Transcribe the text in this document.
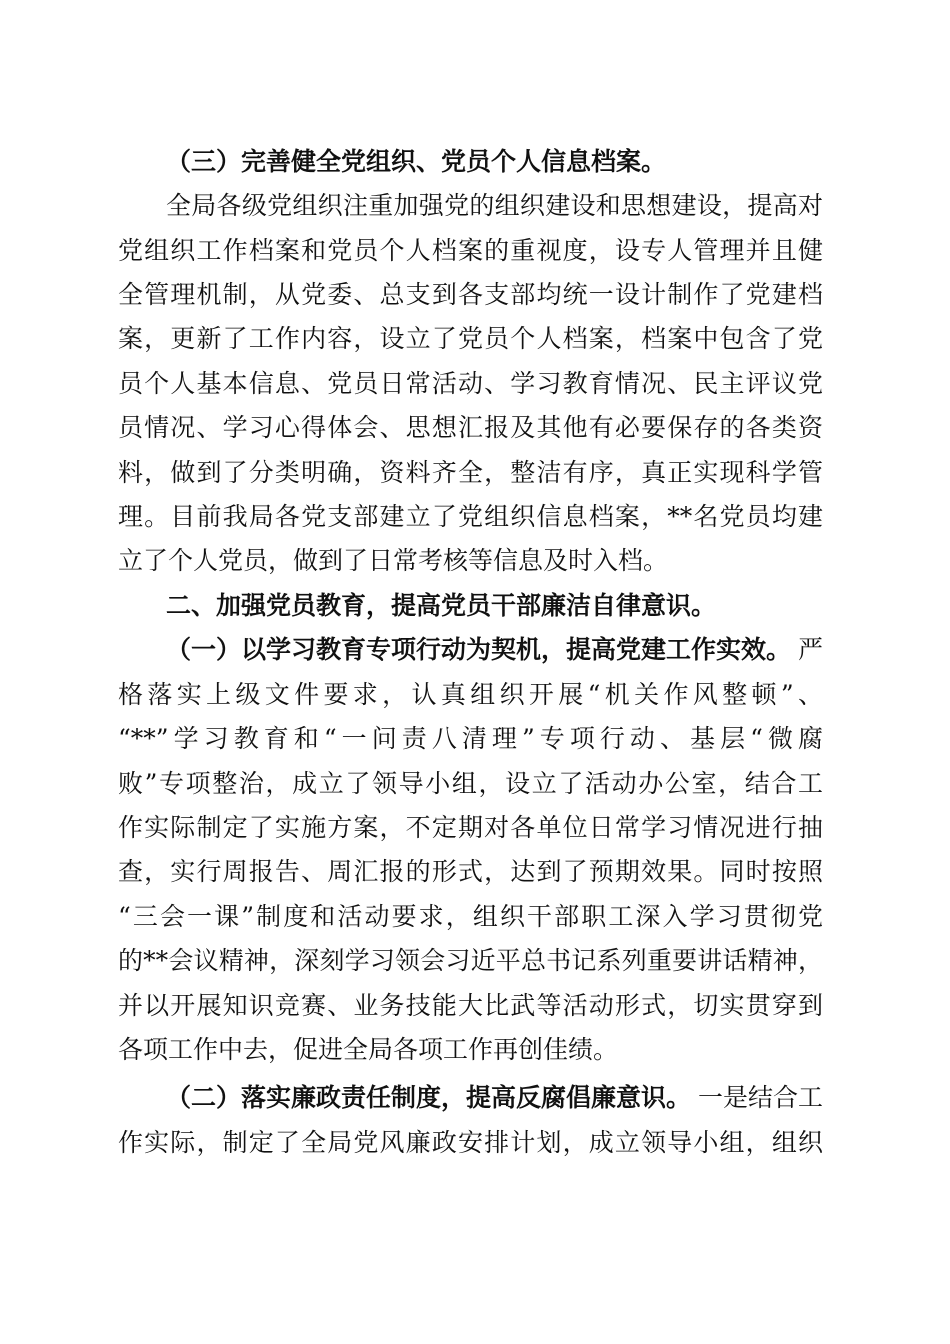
（三）完善健全党组织、党员个人信息档案。
全局各级党组织注重加强党的组织建设和思想建设，提高对
党组织工作档案和党员个人档案的重视度，设专人管理并且健
全管理机制，从党委、总支到各支部均统一设计制作了党建档
案，更新了工作内容，设立了党员个人档案，档案中包含了党
员个人基本信息、党员日常活动、学习教育情况、民主评议党
员情况、学习心得体会、思想汇报及其他有必要保存的各类资
料，做到了分类明确，资料齐全，整洁有序，真正实现科学管
理。目前我局各党支部建立了党组织信息档案，**名党员均建
立了个人党员，做到了日常考核等信息及时入档。
二、加强党员教育，提高党员干部廉洁自律意识。
（一）以学习教育专项行动为契机，提高党建工作实效。 严
格落实上级文件要求，认真组织开展“机关作风整顿”、
“**”学习教育和“一问责八清理”专项行动、基层“微腐
败”专项整治，成立了领导小组，设立了活动办公室，结合工
作实际制定了实施方案，不定期对各单位日常学习情况进行抽
查，实行周报告、周汇报的形式，达到了预期效果。同时按照
“三会一课”制度和活动要求，组织干部职工深入学习贯彻党
的**会议精神，深刻学习领会习近平总书记系列重要讲话精神，
并以开展知识竞赛、业务技能大比武等活动形式，切实贯穿到
各项工作中去，促进全局各项工作再创佳绩。
（二）落实廉政责任制度，提高反腐倡廉意识。 一是结合工
作实际，制定了全局党风廉政安排计划，成立领导小组，组织
